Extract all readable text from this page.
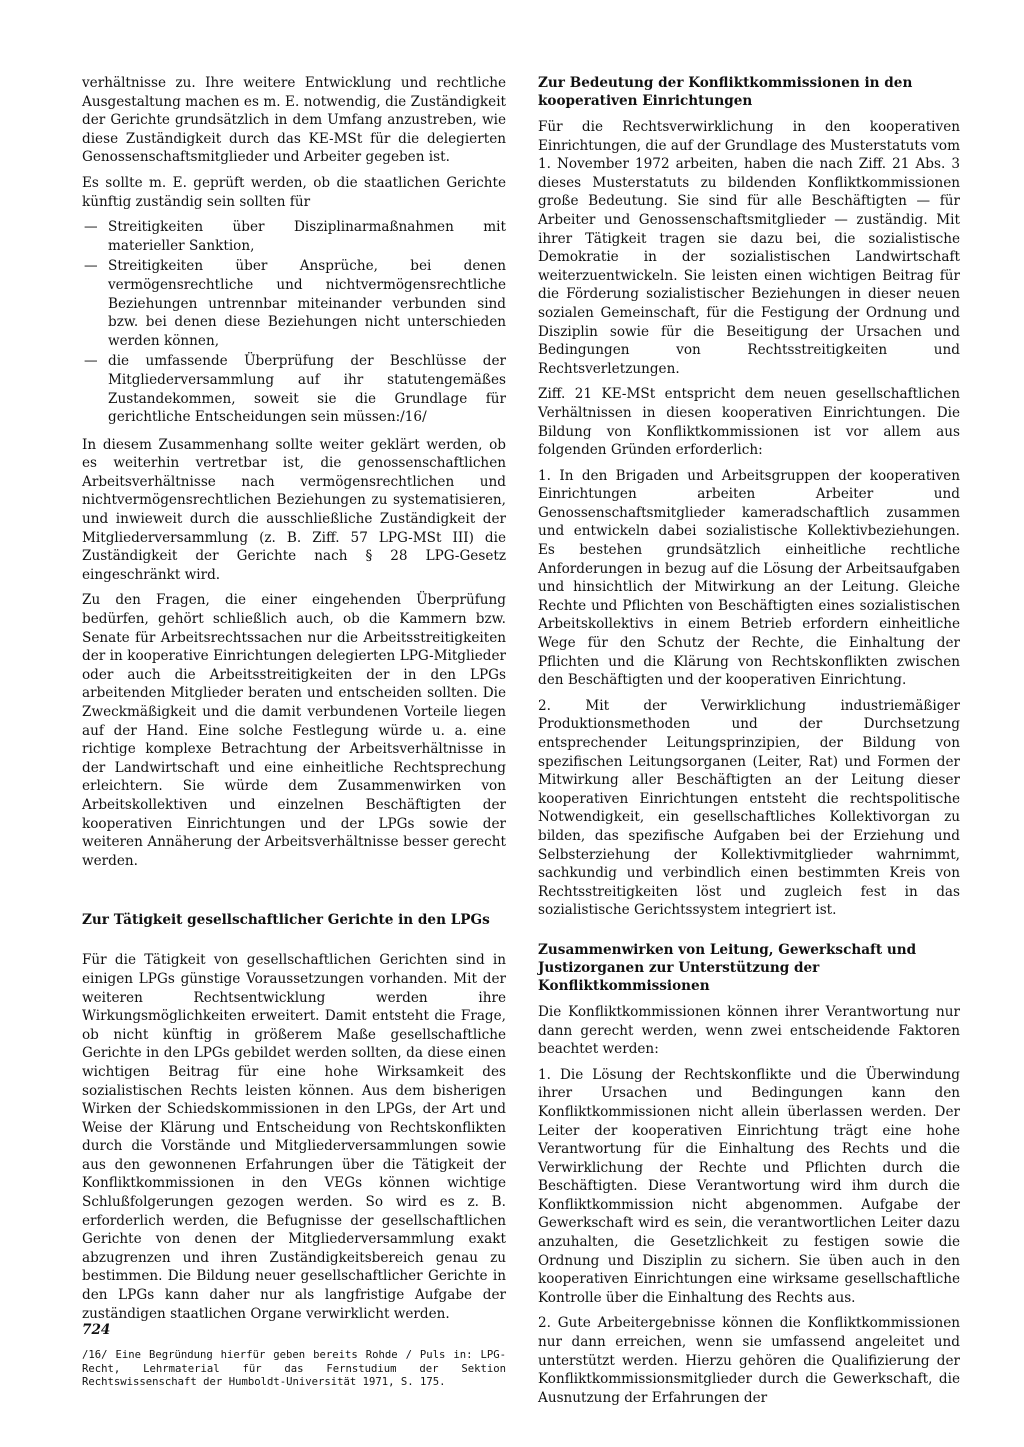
verhältnisse zu. Ihre weitere Entwicklung und rechtliche Ausgestaltung machen es m. E. notwendig, die Zuständigkeit der Gerichte grundsätzlich in dem Umfang anzustreben, wie diese Zuständigkeit durch das KE-MSt für die delegierten Genossenschaftsmitglieder und Arbeiter gegeben ist.

Es sollte m. E. geprüft werden, ob die staatlichen Gerichte künftig zuständig sein sollten für

— Streitigkeiten über Disziplinarmaßnahmen mit materieller Sanktion,
— Streitigkeiten über Ansprüche, bei denen vermögensrechtliche und nichtvermögensrechtliche Beziehungen untrennbar miteinander verbunden sind bzw. bei denen diese Beziehungen nicht unterschieden werden können,
— die umfassende Überprüfung der Beschlüsse der Mitgliederversammlung auf ihr statutengemäßes Zustandekommen, soweit sie die Grundlage für gerichtliche Entscheidungen sein müssen:/16/

In diesem Zusammenhang sollte weiter geklärt werden, ob es weiterhin vertretbar ist, die genossenschaftlichen Arbeitsverhältnisse nach vermögensrechtlichen und nichtvermögensrechtlichen Beziehungen zu systematisieren, und inwieweit durch die ausschließliche Zuständigkeit der Mitgliederversammlung (z. B. Ziff. 57 LPG-MSt III) die Zuständigkeit der Gerichte nach § 28 LPG-Gesetz eingeschränkt wird.

Zu den Fragen, die einer eingehenden Überprüfung bedürfen, gehört schließlich auch, ob die Kammern bzw. Senate für Arbeitsrechtssachen nur die Arbeitsstreitigkeiten der in kooperative Einrichtungen delegierten LPG-Mitglieder oder auch die Arbeitsstreitigkeiten der in den LPGs arbeitenden Mitglieder beraten und entscheiden sollten. Die Zweckmäßigkeit und die damit verbundenen Vorteile liegen auf der Hand. Eine solche Festlegung würde u. a. eine richtige komplexe Betrachtung der Arbeitsverhältnisse in der Landwirtschaft und eine einheitliche Rechtsprechung erleichtern. Sie würde dem Zusammenwirken von Arbeitskollektiven und einzelnen Beschäftigten der kooperativen Einrichtungen und der LPGs sowie der weiteren Annäherung der Arbeitsverhältnisse besser gerecht werden.

Zur Tätigkeit gesellschaftlicher Gerichte in den LPGs

Für die Tätigkeit von gesellschaftlichen Gerichten sind in einigen LPGs günstige Voraussetzungen vorhanden. Mit der weiteren Rechtsentwicklung werden ihre Wirkungsmöglichkeiten erweitert. Damit entsteht die Frage, ob nicht künftig in größerem Maße gesellschaftliche Gerichte in den LPGs gebildet werden sollten, da diese einen wichtigen Beitrag für eine hohe Wirksamkeit des sozialistischen Rechts leisten können. Aus dem bisherigen Wirken der Schiedskommissionen in den LPGs, der Art und Weise der Klärung und Entscheidung von Rechtskonflikten durch die Vorstände und Mitgliederversammlungen sowie aus den gewonnenen Erfahrungen über die Tätigkeit der Konfliktkommissionen in den VEGs können wichtige Schlußfolgerungen gezogen werden. So wird es z. B. erforderlich werden, die Befugnisse der gesellschaftlichen Gerichte von denen der Mitgliederversammlung exakt abzugrenzen und ihren Zuständigkeitsbereich genau zu bestimmen. Die Bildung neuer gesellschaftlicher Gerichte in den LPGs kann daher nur als langfristige Aufgabe der zuständigen staatlichen Organe verwirklicht werden.

/16/ Eine Begründung hierfür geben bereits Rohde / Puls in: LPG-Recht, Lehrmaterial für das Fernstudium der Sektion Rechtswissenschaft der Humboldt-Universität 1971, S. 175.
Zur Bedeutung der Konfliktkommissionen in den kooperativen Einrichtungen

Für die Rechtsverwirklichung in den kooperativen Einrichtungen, die auf der Grundlage des Musterstatuts vom 1. November 1972 arbeiten, haben die nach Ziff. 21 Abs. 3 dieses Musterstatuts zu bildenden Konfliktkommissionen große Bedeutung. Sie sind für alle Beschäftigten — für Arbeiter und Genossenschaftsmitglieder — zuständig. Mit ihrer Tätigkeit tragen sie dazu bei, die sozialistische Demokratie in der sozialistischen Landwirtschaft weiterzuentwickeln. Sie leisten einen wichtigen Beitrag für die Förderung sozialistischer Beziehungen in dieser neuen sozialen Gemeinschaft, für die Festigung der Ordnung und Disziplin sowie für die Beseitigung der Ursachen und Bedingungen von Rechtsstreitigkeiten und Rechtsverletzungen.

Ziff. 21 KE-MSt entspricht dem neuen gesellschaftlichen Verhältnissen in diesen kooperativen Einrichtungen. Die Bildung von Konfliktkommissionen ist vor allem aus folgenden Gründen erforderlich:

1. In den Brigaden und Arbeitsgruppen der kooperativen Einrichtungen arbeiten Arbeiter und Genossenschaftsmitglieder kameradschaftlich zusammen und entwickeln dabei sozialistische Kollektivbeziehungen. Es bestehen grundsätzlich einheitliche rechtliche Anforderungen in bezug auf die Lösung der Arbeitsaufgaben und hinsichtlich der Mitwirkung an der Leitung. Gleiche Rechte und Pflichten von Beschäftigten eines sozialistischen Arbeitskollektivs in einem Betrieb erfordern einheitliche Wege für den Schutz der Rechte, die Einhaltung der Pflichten und die Klärung von Rechtskonflikten zwischen den Beschäftigten und der kooperativen Einrichtung.

2. Mit der Verwirklichung industriemäßiger Produktionsmethoden und der Durchsetzung entsprechender Leitungsprinzipien, der Bildung von spezifischen Leitungsorganen (Leiter, Rat) und Formen der Mitwirkung aller Beschäftigten an der Leitung dieser kooperativen Einrichtungen entsteht die rechtspolitische Notwendigkeit, ein gesellschaftliches Kollektivorgan zu bilden, das spezifische Aufgaben bei der Erziehung und Selbsterziehung der Kollektivmitglieder wahrnimmt, sachkundig und verbindlich einen bestimmten Kreis von Rechtsstreitigkeiten löst und zugleich fest in das sozialistische Gerichtssystem integriert ist.

Zusammenwirken von Leitung, Gewerkschaft und Justizorganen zur Unterstützung der Konfliktkommissionen

Die Konfliktkommissionen können ihrer Verantwortung nur dann gerecht werden, wenn zwei entscheidende Faktoren beachtet werden:

1. Die Lösung der Rechtskonflikte und die Überwindung ihrer Ursachen und Bedingungen kann den Konfliktkommissionen nicht allein überlassen werden. Der Leiter der kooperativen Einrichtung trägt eine hohe Verantwortung für die Einhaltung des Rechts und die Verwirklichung der Rechte und Pflichten durch die Beschäftigten. Diese Verantwortung wird ihm durch die Konfliktkommission nicht abgenommen. Aufgabe der Gewerkschaft wird es sein, die verantwortlichen Leiter dazu anzuhalten, die Gesetzlichkeit zu festigen sowie die Ordnung und Disziplin zu sichern. Sie üben auch in den kooperativen Einrichtungen eine wirksame gesellschaftliche Kontrolle über die Einhaltung des Rechts aus.

2. Gute Arbeitergebnisse können die Konfliktkommissionen nur dann erreichen, wenn sie umfassend angeleitet und unterstützt werden. Hierzu gehören die Qualifizierung der Konfliktkommissionsmitglieder durch die Gewerkschaft, die Ausnutzung der Erfahrungen der

724
